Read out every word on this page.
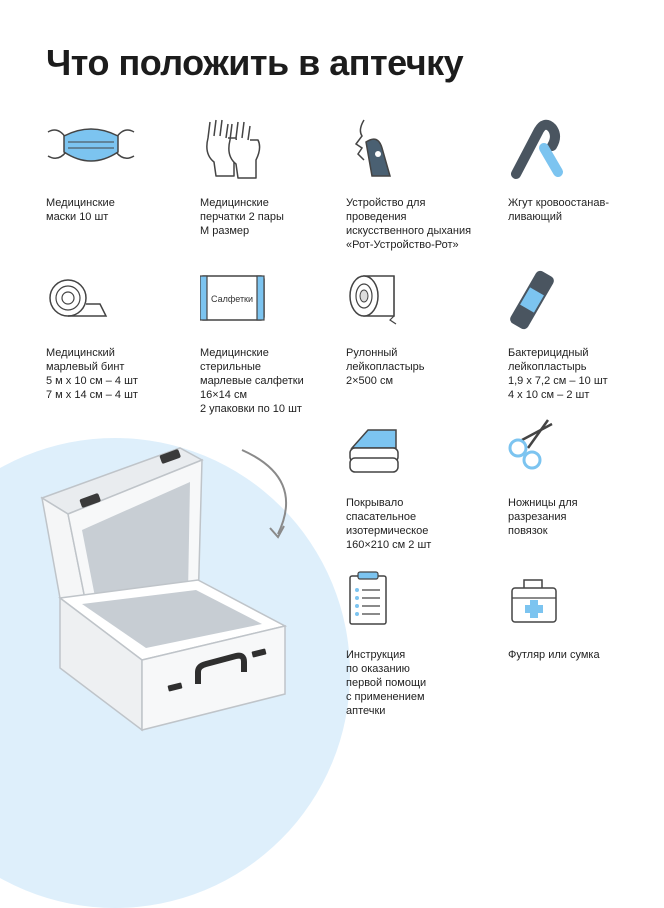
Что положить в аптечку

Медицинские
маски 10 шт

Медицинские
перчатки 2 пары
М размер

Устройство для
проведения
искусственного дыхания
«Рот-Устройство-Рот»

Жгут кровоостанав-
ливающий

Медицинский
марлевый бинт
5 м х 10 см – 4 шт
7 м х 14 см – 4 шт

Салфетки

Медицинские
стерильные
марлевые салфетки
16×14 см
2 упаковки по 10 шт

Рулонный
лейкопластырь
2×500 см

Бактерицидный
лейкопластырь
1,9 х 7,2 см – 10 шт
4 х 10 см – 2 шт

Покрывало
спасательное
изотермическое
160×210 см 2 шт

Ножницы для
разрезания
повязок

Инструкция
по оказанию
первой помощи
с применением
аптечки

Футляр или сумка
